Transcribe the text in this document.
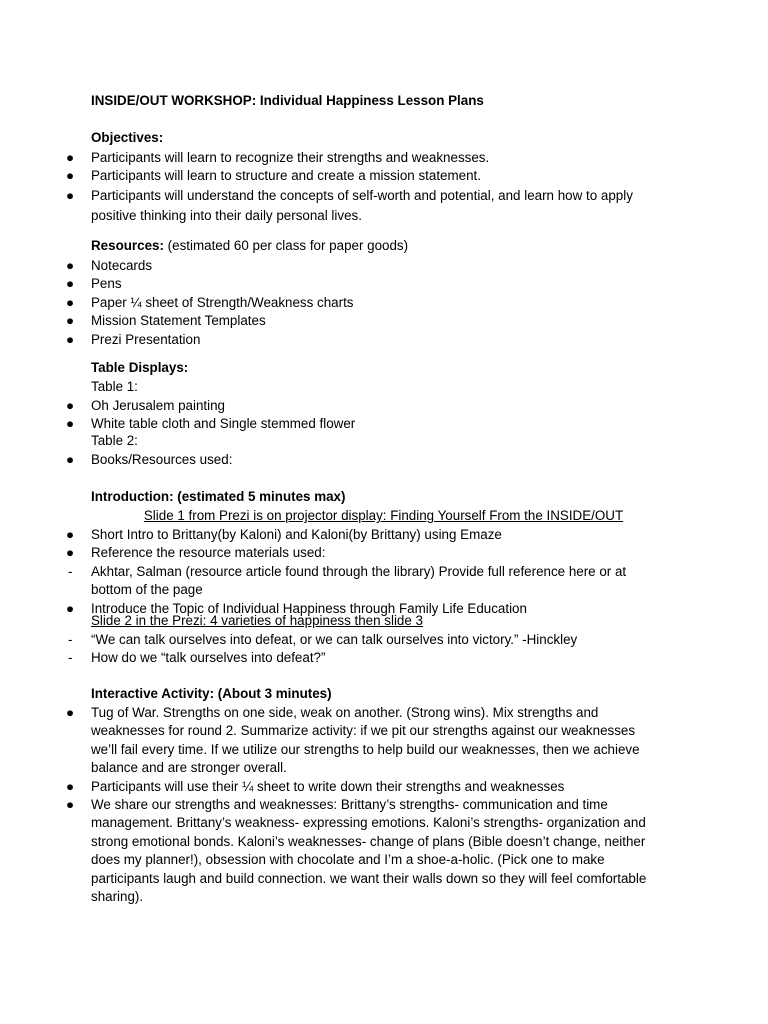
INSIDE/OUT WORKSHOP: Individual Happiness Lesson Plans
Objectives:
● Participants will learn to recognize their strengths and weaknesses.
● Participants will learn to structure and create a mission statement.
● Participants will understand the concepts of self-worth and potential, and learn how to apply positive thinking into their daily personal lives.
Resources: (estimated 60 per class for paper goods)
● Notecards
● Pens
● Paper ¼ sheet of Strength/Weakness charts
● Mission Statement Templates
● Prezi Presentation
Table Displays:
Table 1:
● Oh Jerusalem painting
● White table cloth and Single stemmed flower
Table 2:
● Books/Resources used:
Introduction: (estimated 5 minutes max)
Slide 1 from Prezi is on projector display: Finding Yourself From the INSIDE/OUT
● Short Intro to Brittany(by Kaloni) and Kaloni(by Brittany) using Emaze
● Reference the resource materials used:
-	Akhtar, Salman (resource article found through the library) Provide full reference here or at bottom of the page
● Introduce the Topic of Individual Happiness through Family Life Education
Slide 2 in the Prezi: 4 varieties of happiness then slide 3
-	“We can talk ourselves into defeat, or we can talk ourselves into victory.” -Hinckley
-	How do we “talk ourselves into defeat?”
Interactive Activity: (About 3 minutes)
● Tug of War. Strengths on one side, weak on another. (Strong wins). Mix strengths and weaknesses for round 2. Summarize activity: if we pit our strengths against our weaknesses we’ll fail every time. If we utilize our strengths to help build our weaknesses, then we achieve balance and are stronger overall.
● Participants will use their ¼ sheet to write down their strengths and weaknesses
● We share our strengths and weaknesses: Brittany’s strengths- communication and time management. Brittany’s weakness- expressing emotions. Kaloni’s strengths- organization and strong emotional bonds. Kaloni’s weaknesses- change of plans (Bible doesn’t change, neither does my planner!), obsession with chocolate and I’m a shoe-a-holic. (Pick one to make participants laugh and build connection. we want their walls down so they will feel comfortable sharing).
